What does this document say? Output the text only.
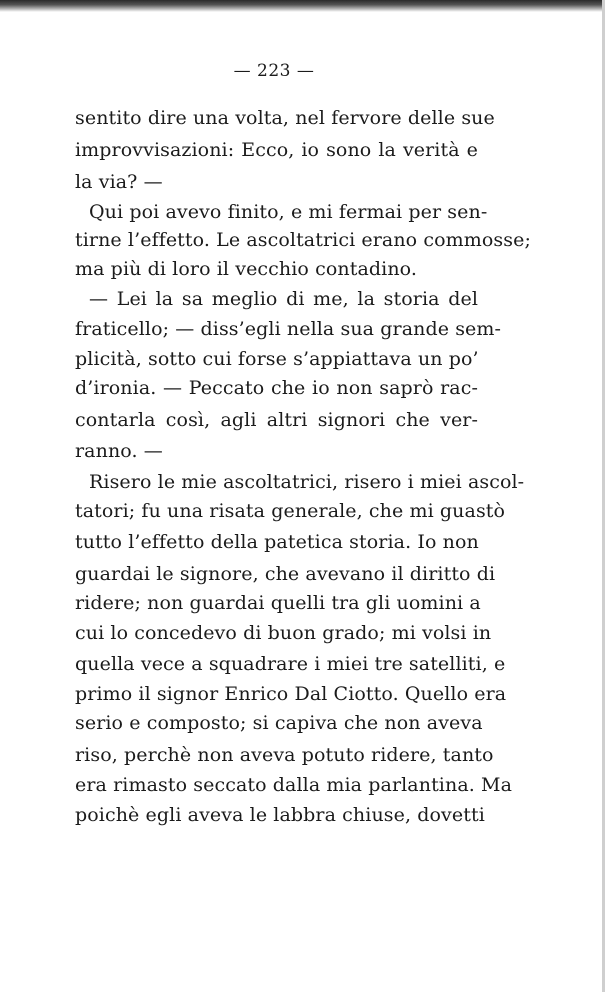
— 223 —
sentito dire una volta, nel fervore delle sue
improvvisazioni: Ecco, io sono la verità e
la via? —
Qui poi avevo finito, e mi fermai per sen-
tirne l’effetto. Le ascoltatrici erano commosse;
ma più di loro il vecchio contadino.
— Lei la sa meglio di me, la storia del
fraticello; — diss’egli nella sua grande sem-
plicità, sotto cui forse s’appiattava un po’
d’ironia. — Peccato che io non saprò rac-
contarla così, agli altri signori che ver-
ranno. —
Risero le mie ascoltatrici, risero i miei ascol-
tatori; fu una risata generale, che mi guastò
tutto l’effetto della patetica storia. Io non
guardai le signore, che avevano il diritto di
ridere; non guardai quelli tra gli uomini a
cui lo concedevo di buon grado; mi volsi in
quella vece a squadrare i miei tre satelliti, e
primo il signor Enrico Dal Ciotto. Quello era
serio e composto; si capiva che non aveva
riso, perchè non aveva potuto ridere, tanto
era rimasto seccato dalla mia parlantina. Ma
poichè egli aveva le labbra chiuse, dovetti
